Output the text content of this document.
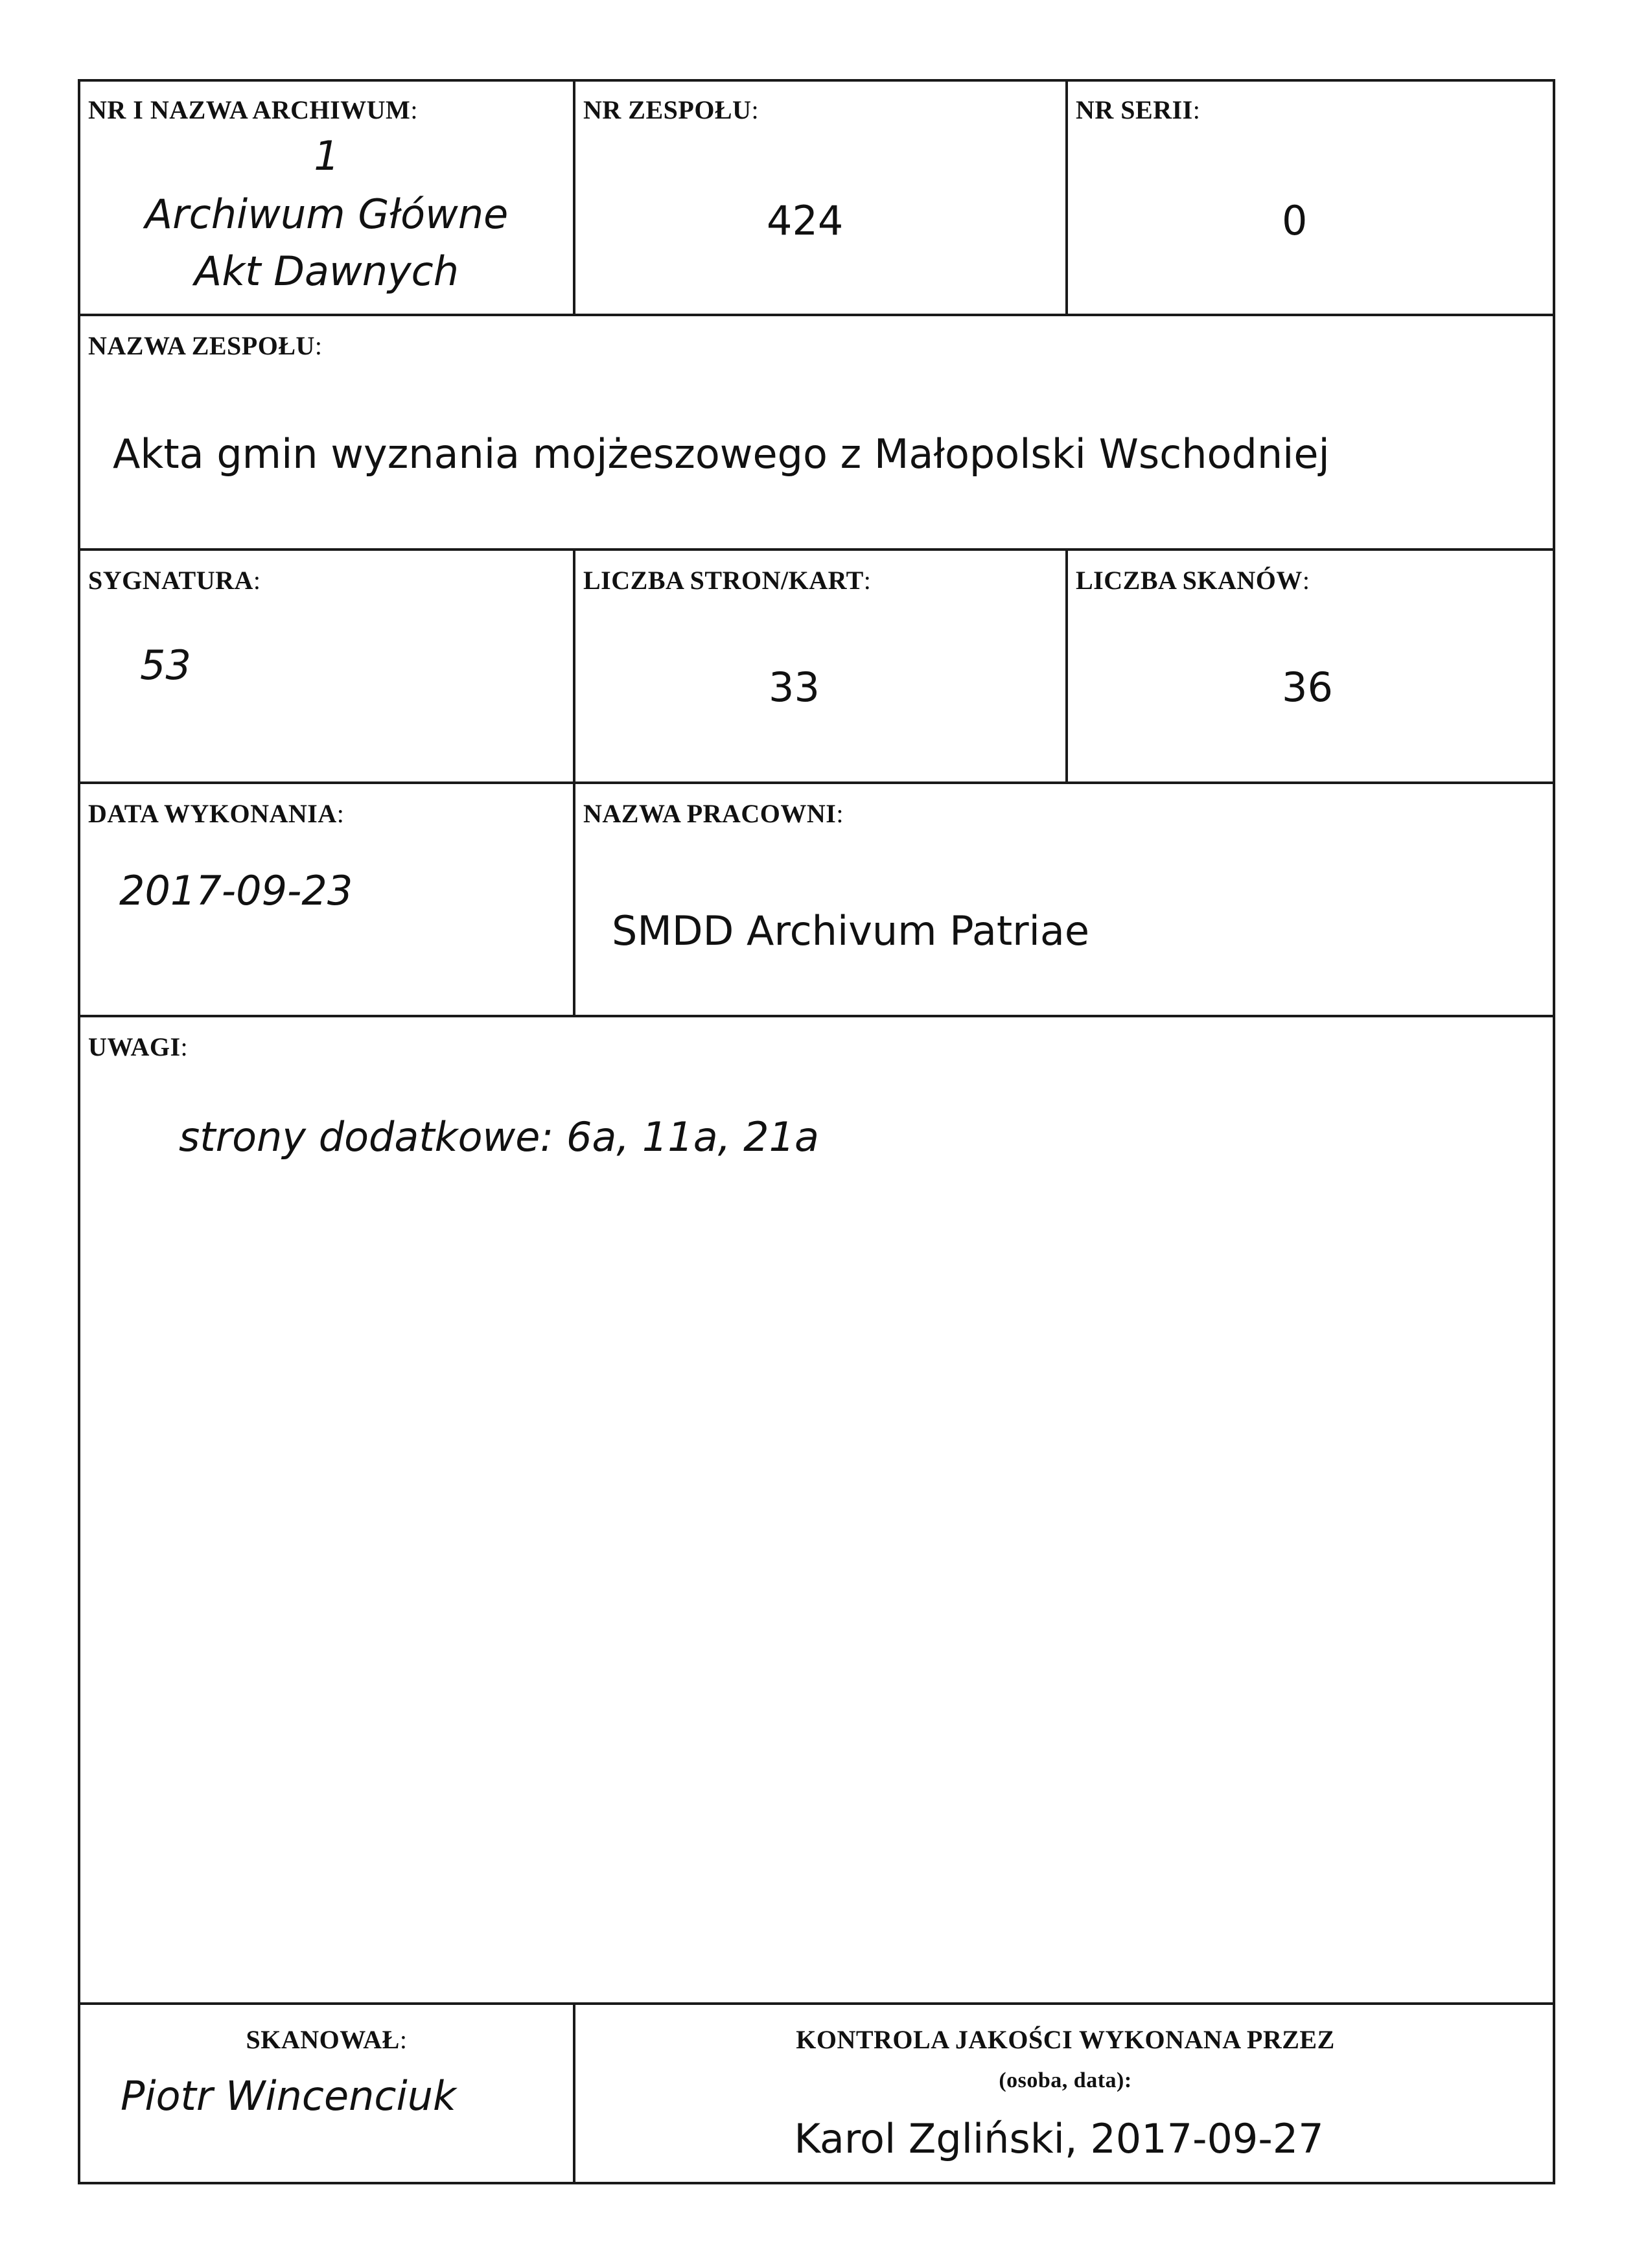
NR I NAZWA ARCHIWUM:
1
Archiwum Główne
Akt Dawnych
NR ZESPOŁU:
424
NR SERII:
0
NAZWA ZESPOŁU:
Akta gmin wyznania mojżeszowego z Małopolski Wschodniej
SYGNATURA:
53
LICZBA STRON/KART:
33
LICZBA SKANÓW:
36
DATA WYKONANIA:
2017-09-23
NAZWA PRACOWNI:
SMDD Archivum Patriae
UWAGI:
strony dodatkowe: 6a, 11a, 21a
SKANOWAŁ:
Piotr Wincenciuk
KONTROLA JAKOŚCI WYKONANA PRZEZ
(osoba, data):
Karol Zgliński, 2017-09-27
